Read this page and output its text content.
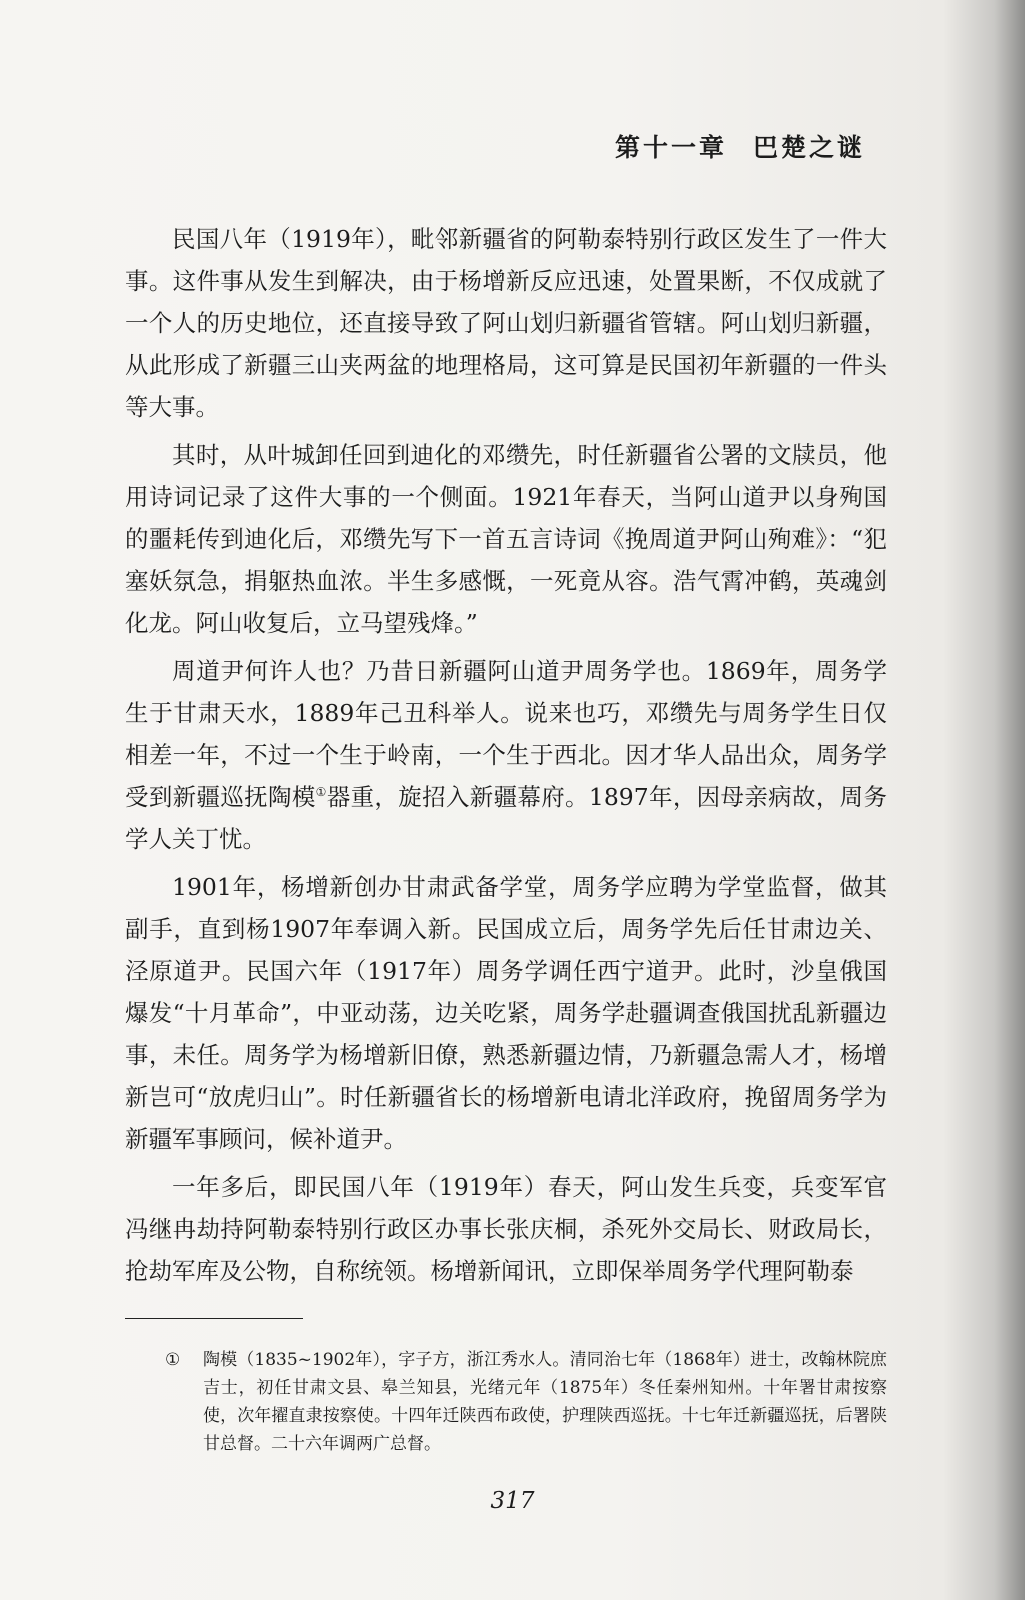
第十一章 巴楚之谜

民国八年（1919年），毗邻新疆省的阿勒泰特别行政区发生了一件大事。这件事从发生到解决，由于杨增新反应迅速，处置果断，不仅成就了一个人的历史地位，还直接导致了阿山划归新疆省管辖。阿山划归新疆，从此形成了新疆三山夹两盆的地理格局，这可算是民国初年新疆的一件头等大事。

其时，从叶城卸任回到迪化的邓缵先，时任新疆省公署的文牍员，他用诗词记录了这件大事的一个侧面。1921年春天，当阿山道尹以身殉国的噩耗传到迪化后，邓缵先写下一首五言诗词《挽周道尹阿山殉难》：“犯塞妖氛急，捐躯热血浓。半生多感慨，一死竟从容。浩气霄冲鹤，英魂剑化龙。阿山收复后，立马望残烽。”

周道尹何许人也？乃昔日新疆阿山道尹周务学也。1869年，周务学生于甘肃天水，1889年己丑科举人。说来也巧，邓缵先与周务学生日仅相差一年，不过一个生于岭南，一个生于西北。因才华人品出众，周务学受到新疆巡抚陶模①器重，旋招入新疆幕府。1897年，因母亲病故，周务学人关丁忧。

1901年，杨增新创办甘肃武备学堂，周务学应聘为学堂监督，做其副手，直到杨1907年奉调入新。民国成立后，周务学先后任甘肃边关、泾原道尹。民国六年（1917年）周务学调任西宁道尹。此时，沙皇俄国爆发“十月革命”，中亚动荡，边关吃紧，周务学赴疆调查俄国扰乱新疆边事，未任。周务学为杨增新旧僚，熟悉新疆边情，乃新疆急需人才，杨增新岂可“放虎归山”。时任新疆省长的杨增新电请北洋政府，挽留周务学为新疆军事顾问，候补道尹。

一年多后，即民国八年（1919年）春天，阿山发生兵变，兵变军官冯继冉劫持阿勒泰特别行政区办事长张庆桐，杀死外交局长、财政局长，抢劫军库及公物，自称统领。杨增新闻讯，立即保举周务学代理阿勒泰

① 陶模（1835~1902年），字子方，浙江秀水人。清同治七年（1868年）进士，改翰林院庶吉士，初任甘肃文县、皋兰知县，光绪元年（1875年）冬任秦州知州。十年署甘肃按察使，次年擢直隶按察使。十四年迁陕西布政使，护理陕西巡抚。十七年迁新疆巡抚，后署陕甘总督。二十六年调两广总督。
317
